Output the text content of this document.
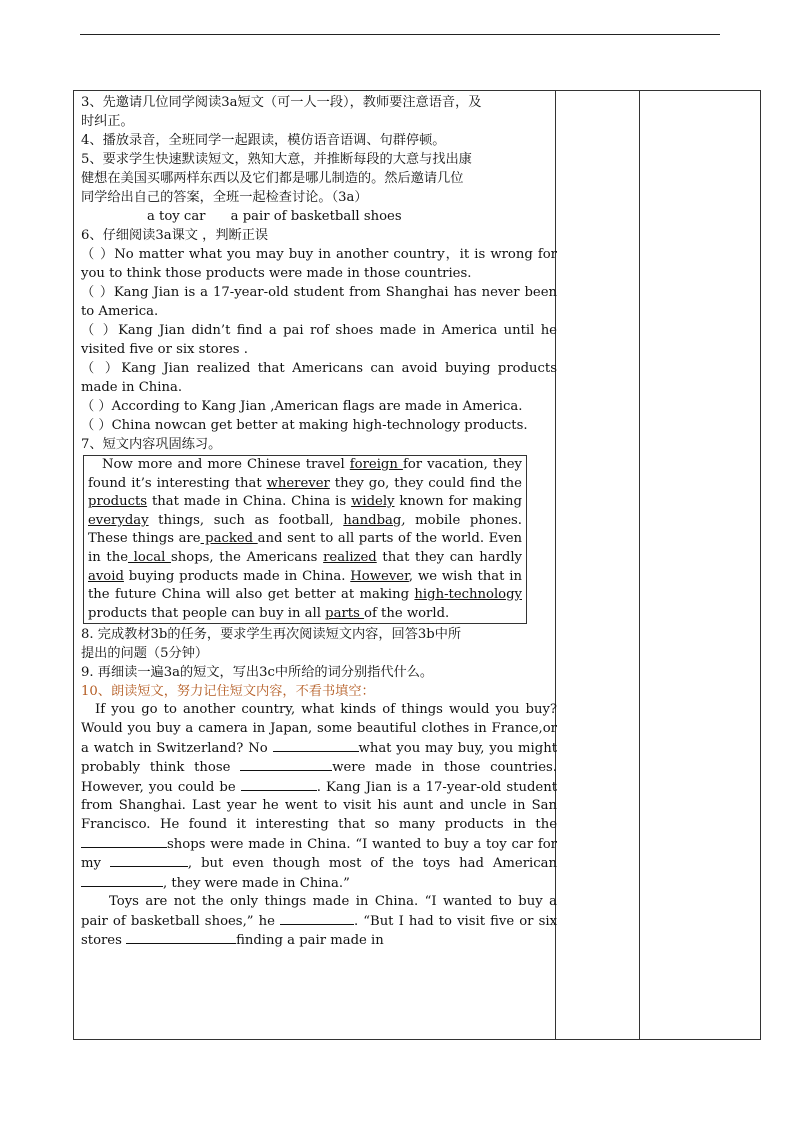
3、先邀请几位同学阅读3a短文（可一人一段），教师要注意语音，及

时纠正。

4、播放录音，全班同学一起跟读，模仿语音语调、句群停顿。

5、要求学生快速默读短文，熟知大意，并推断每段的大意与找出康

健想在美国买哪两样东西以及它们都是哪儿制造的。然后邀请几位

同学给出自己的答案，全班一起检查讨论。（3a）

a toy car      a pair of basketball shoes

6、仔细阅读3a课文 ，判断正误

（ ）No matter what you may buy in another country，it is wrong for you to think those products were made in those countries.

（ ）Kang Jian is a 17-year-old student from Shanghai has never been to America.

（ ）Kang Jian didn’t find a pai rof shoes made in America until he visited five or six stores .

（ ）Kang Jian realized that Americans can avoid buying products made in China.

（ ）According to Kang Jian ,American flags are made in America.

（ ）China nowcan get better at making high-technology products.

7、短文内容巩固练习。

Now more and more Chinese travel foreign for vacation, they found it’s interesting that wherever they go, they could find the products that made in China. China is widely known for making everyday things, such as football, handbag, mobile phones. These things are packed and sent to all parts of the world. Even in the local shops, the Americans realized that they can hardly avoid buying products made in China. However, we wish that in the future China will also get better at making high-technology products that people can buy in all parts of the world.

8. 完成教材3b的任务，要求学生再次阅读短文内容，回答3b中所

提出的问题（5分钟）

9. 再细读一遍3a的短文，写出3c中所给的词分别指代什么。

10、朗读短文，努力记住短文内容，不看书填空：

If you go to another country, what kinds of things would you buy? Would you buy a camera in Japan, some beautiful clothes in France,or a watch in Switzerland? No	what you may buy, you might probably think those	were made in those countries. However, you could be	. Kang Jian is a 17-year-old student from Shanghai. Last year he went to visit his aunt and uncle in San Francisco. He found it interesting that so many products in the shops were made in China. “I wanted to buy a toy car for my	, but even though most of the toys had American , they were made in China.”

Toys are not the only things made in China. “I wanted to buy a pair of basketball shoes,” he	. “But I had to visit five or six stores	finding a pair made in
